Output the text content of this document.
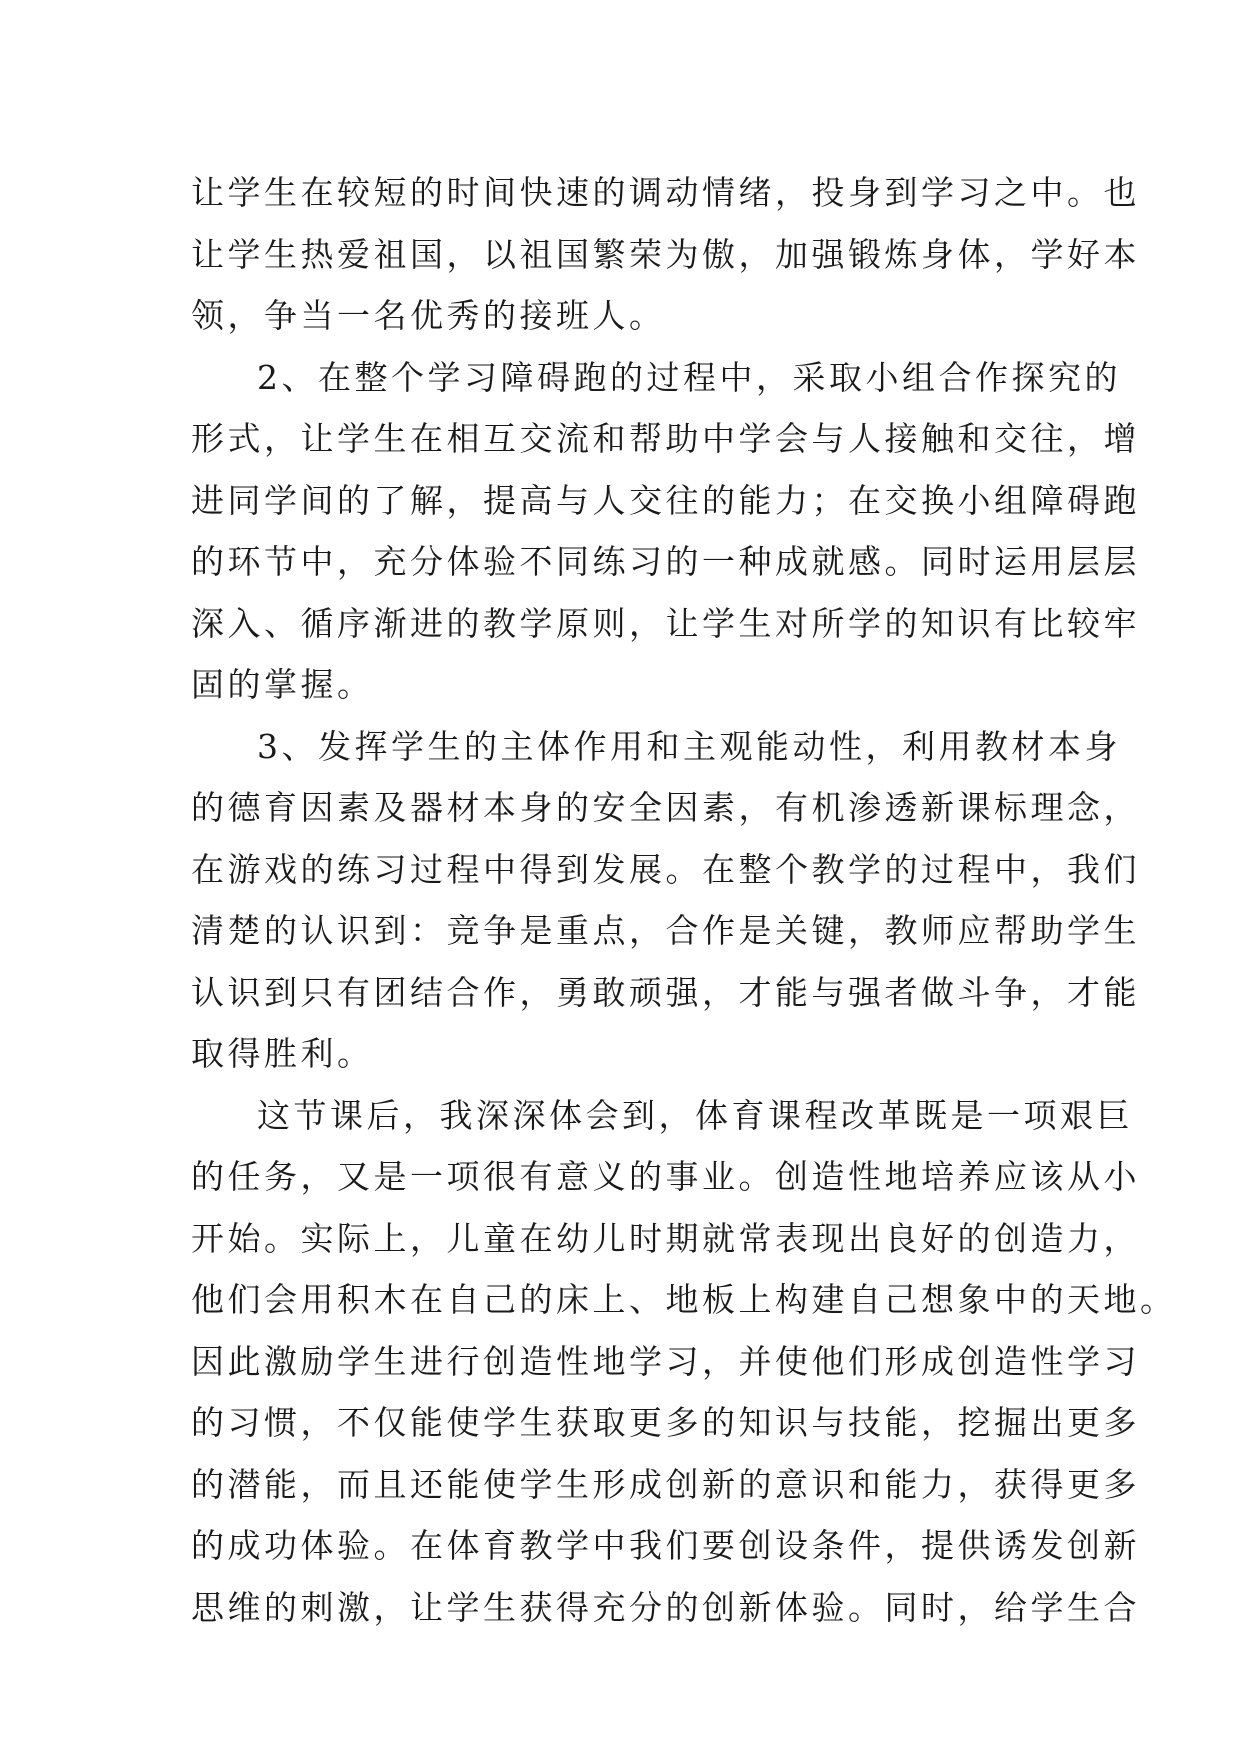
让学生在较短的时间快速的调动情绪，投身到学习之中。也
让学生热爱祖国，以祖国繁荣为傲，加强锻炼身体，学好本
领，争当一名优秀的接班人。
2、在整个学习障碍跑的过程中，采取小组合作探究的
形式，让学生在相互交流和帮助中学会与人接触和交往，增
进同学间的了解，提高与人交往的能力；在交换小组障碍跑
的环节中，充分体验不同练习的一种成就感。同时运用层层
深入、循序渐进的教学原则，让学生对所学的知识有比较牢
固的掌握。
3、发挥学生的主体作用和主观能动性，利用教材本身
的德育因素及器材本身的安全因素，有机渗透新课标理念，
在游戏的练习过程中得到发展。在整个教学的过程中，我们
清楚的认识到：竞争是重点，合作是关键，教师应帮助学生
认识到只有团结合作，勇敢顽强，才能与强者做斗争，才能
取得胜利。
这节课后，我深深体会到，体育课程改革既是一项艰巨
的任务，又是一项很有意义的事业。创造性地培养应该从小
开始。实际上，儿童在幼儿时期就常表现出良好的创造力，
他们会用积木在自己的床上、地板上构建自己想象中的天地。
因此激励学生进行创造性地学习，并使他们形成创造性学习
的习惯，不仅能使学生获取更多的知识与技能，挖掘出更多
的潜能，而且还能使学生形成创新的意识和能力，获得更多
的成功体验。在体育教学中我们要创设条件，提供诱发创新
思维的刺激，让学生获得充分的创新体验。同时，给学生合
